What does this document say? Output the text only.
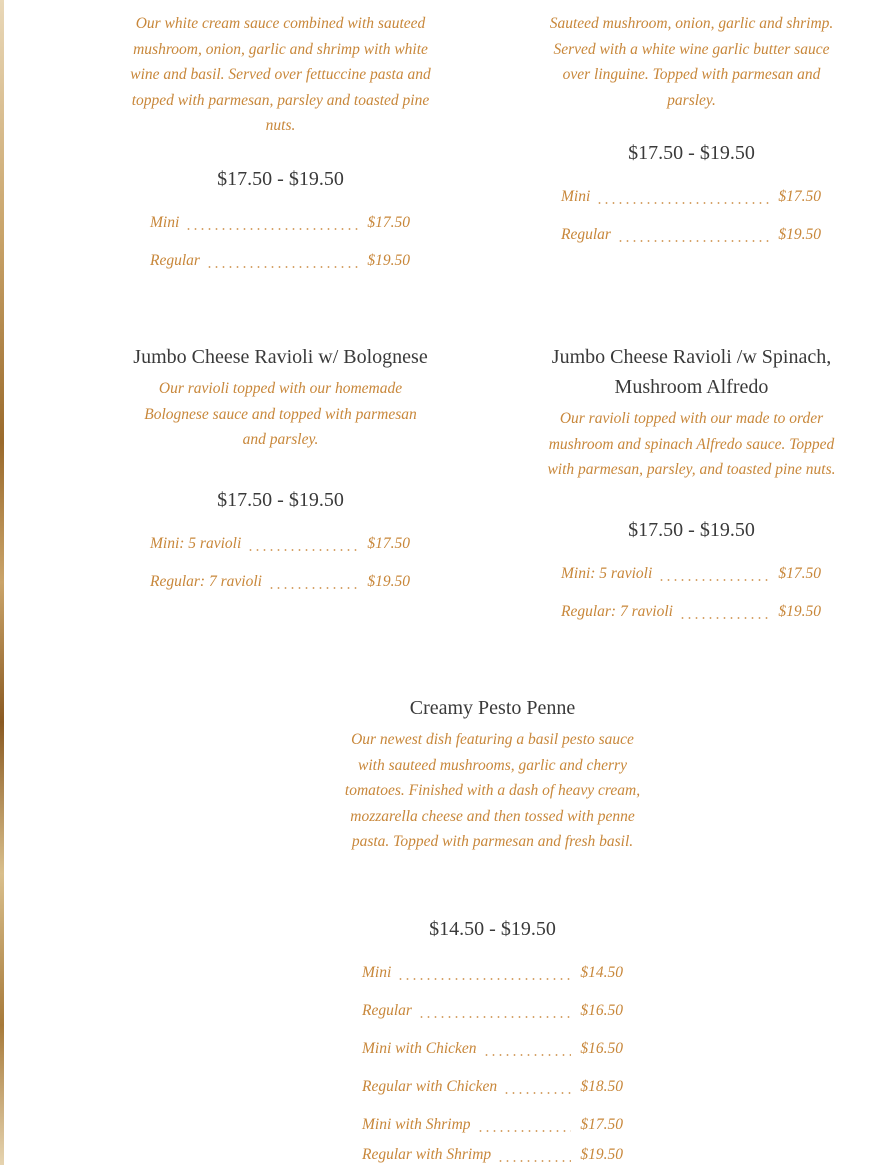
Our white cream sauce combined with sauteed mushroom, onion, garlic and shrimp with white wine and basil. Served over fettuccine pasta and topped with parmesan, parsley and toasted pine nuts.

$17.50 - $19.50
Mini	$17.50
Regular	$19.50

Sauteed mushroom, onion, garlic and shrimp. Served with a white wine garlic butter sauce over linguine. Topped with parmesan and parsley.

$17.50 - $19.50
Mini	$17.50
Regular	$19.50
Jumbo Cheese Ravioli w/ Bolognese

Our ravioli topped with our homemade Bolognese sauce and topped with parmesan and parsley.

$17.50 - $19.50
Mini: 5 ravioli	$17.50
Regular: 7 ravioli	$19.50
Jumbo Cheese Ravioli /w Spinach, Mushroom Alfredo

Our ravioli topped with our made to order mushroom and spinach Alfredo sauce. Topped with parmesan, parsley, and toasted pine nuts.

$17.50 - $19.50
Mini: 5 ravioli	$17.50
Regular: 7 ravioli	$19.50
Creamy Pesto Penne

Our newest dish featuring a basil pesto sauce with sauteed mushrooms, garlic and cherry tomatoes. Finished with a dash of heavy cream, mozzarella cheese and then tossed with penne pasta. Topped with parmesan and fresh basil.

$14.50 - $19.50
Mini	$14.50
Regular	$16.50
Mini with Chicken	$16.50
Regular with Chicken	$18.50
Mini with Shrimp	$17.50
Regular with Shrimp	$19.50
